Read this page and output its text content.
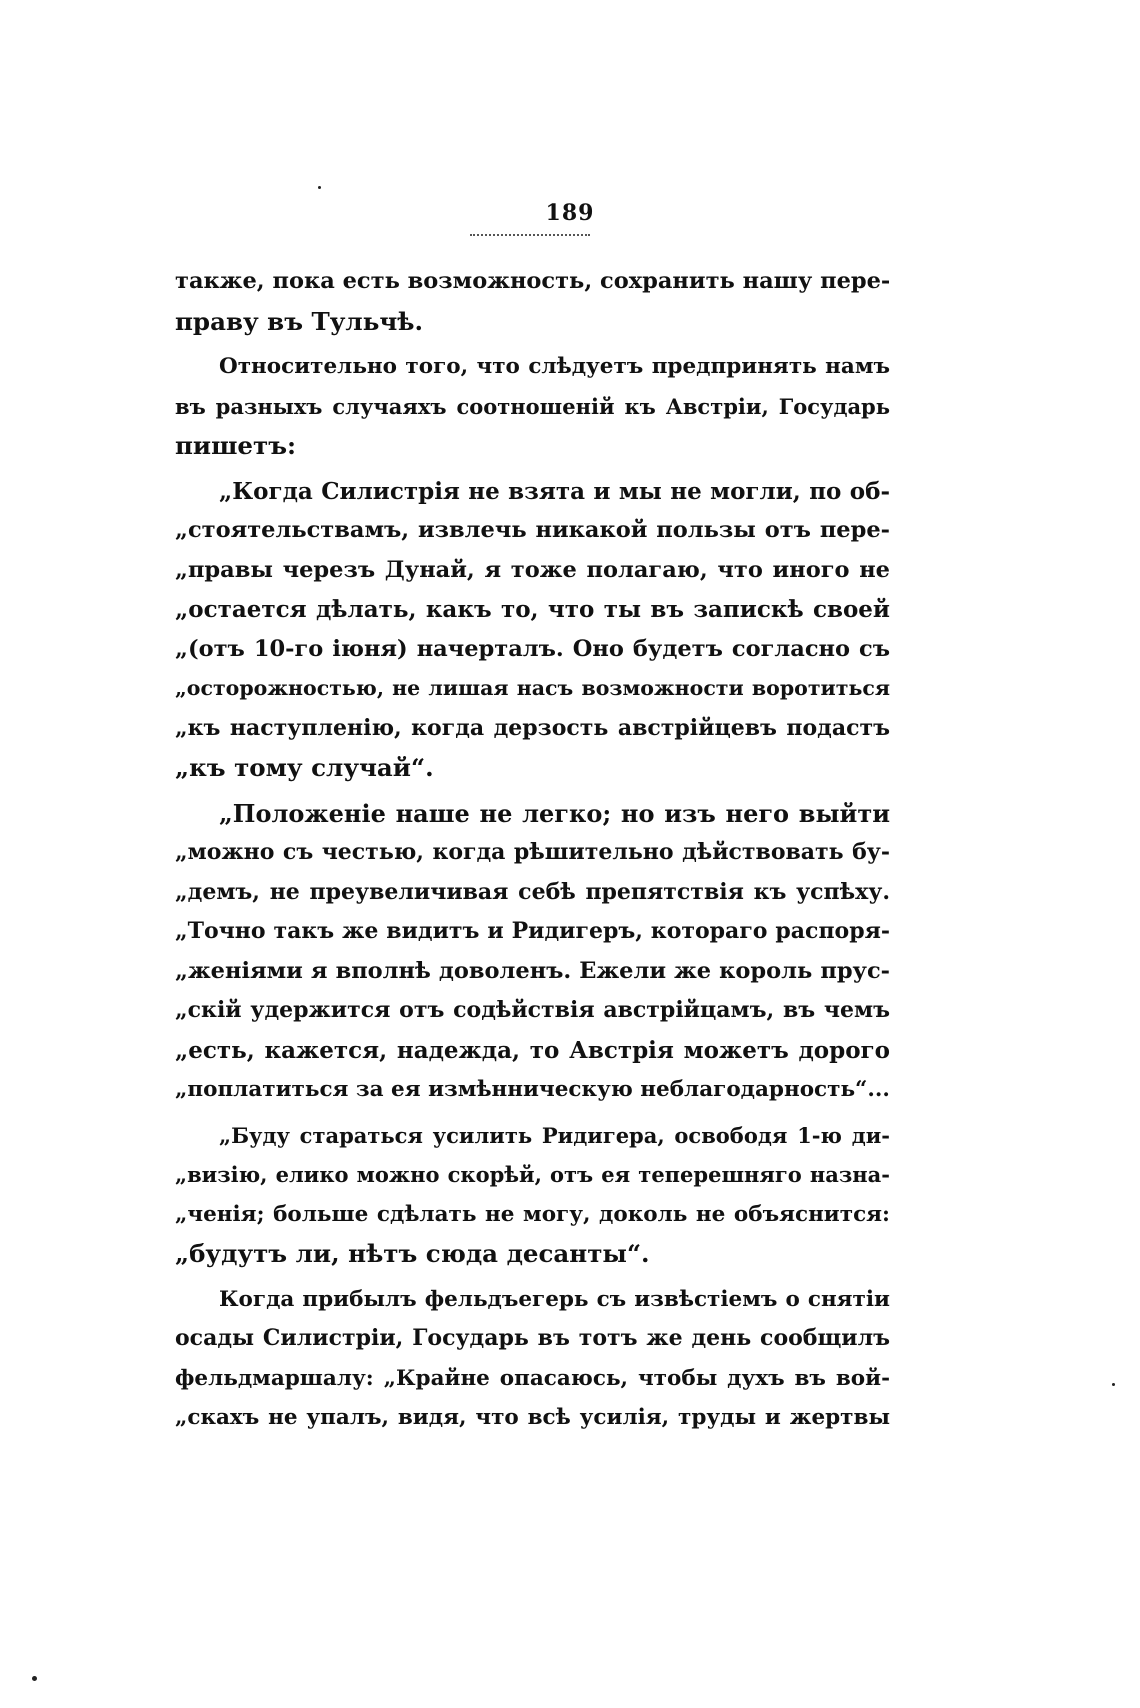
189
также, пока есть возможность, сохранить нашу пере-
праву въ Тульчѣ.
Относительно того, что слѣдуетъ предпринять намъ
въ разныхъ случаяхъ соотношеній къ Австріи, Государь
пишетъ:
„Когда Силистрія не взята и мы не могли, по об-
„стоятельствамъ, извлечь никакой пользы отъ пере-
„правы черезъ Дунай, я тоже полагаю, что иного не
„остается дѣлать, какъ то, что ты въ запискѣ своей
„(отъ 10-го іюня) начерталъ. Оно будетъ согласно съ
„осторожностью, не лишая насъ возможности воротиться
„къ наступленію, когда дерзость австрійцевъ подастъ
„къ тому случай“.
„Положеніе наше не легко; но изъ него выйти
„можно съ честью, когда рѣшительно дѣйствовать бу-
„демъ, не преувеличивая себѣ препятствія къ успѣху.
„Точно такъ же видитъ и Ридигеръ, котораго распоря-
„женіями я вполнѣ доволенъ. Ежели же король прус-
„скій удержится отъ содѣйствія австрійцамъ, въ чемъ
„есть, кажется, надежда, то Австрія можетъ дорого
„поплатиться за ея измѣнническую неблагодарность“...
„Буду стараться усилить Ридигера, освободя 1-ю ди-
„визію, елико можно скорѣй, отъ ея теперешняго назна-
„ченія; больше сдѣлать не могу, доколь не объяснится:
„будутъ ли, нѣтъ сюда десанты“.
Когда прибылъ фельдъегерь съ извѣстіемъ о снятіи
осады Силистріи, Государь въ тотъ же день сообщилъ
фельдмаршалу: „Крайне опасаюсь, чтобы духъ въ вой-
„скахъ не упалъ, видя, что всѣ усилія, труды и жертвы
